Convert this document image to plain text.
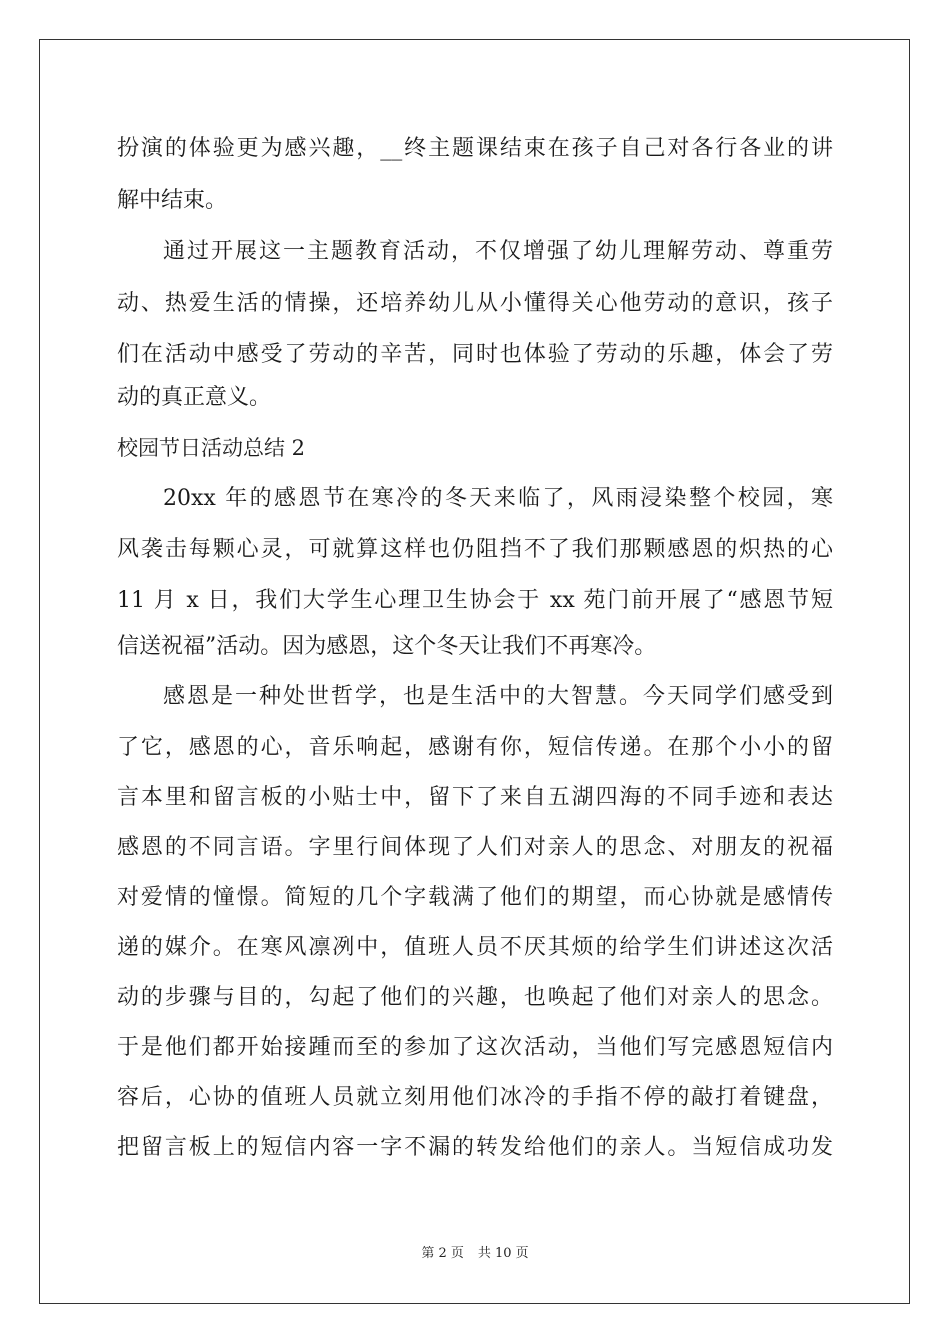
扮演的体验更为感兴趣，__终主题课结束在孩子自己对各行各业的讲
解中结束。
通过开展这一主题教育活动，不仅增强了幼儿理解劳动、尊重劳
动、热爱生活的情操，还培养幼儿从小懂得关心他劳动的意识，孩子
们在活动中感受了劳动的辛苦，同时也体验了劳动的乐趣，体会了劳
动的真正意义。
校园节日活动总结 2
20xx 年的感恩节在寒冷的冬天来临了，风雨浸染整个校园，寒
风袭击每颗心灵，可就算这样也仍阻挡不了我们那颗感恩的炽热的心
11 月 x 日，我们大学生心理卫生协会于 xx 苑门前开展了“感恩节短
信送祝福”活动。因为感恩，这个冬天让我们不再寒冷。
感恩是一种处世哲学，也是生活中的大智慧。今天同学们感受到
了它，感恩的心，音乐响起，感谢有你，短信传递。在那个小小的留
言本里和留言板的小贴士中，留下了来自五湖四海的不同手迹和表达
感恩的不同言语。字里行间体现了人们对亲人的思念、对朋友的祝福
对爱情的憧憬。简短的几个字载满了他们的期望，而心协就是感情传
递的媒介。在寒风凛冽中，值班人员不厌其烦的给学生们讲述这次活
动的步骤与目的，勾起了他们的兴趣，也唤起了他们对亲人的思念。
于是他们都开始接踵而至的参加了这次活动，当他们写完感恩短信内
容后，心协的值班人员就立刻用他们冰冷的手指不停的敲打着键盘，
把留言板上的短信内容一字不漏的转发给他们的亲人。当短信成功发
第 2 页 共 10 页
